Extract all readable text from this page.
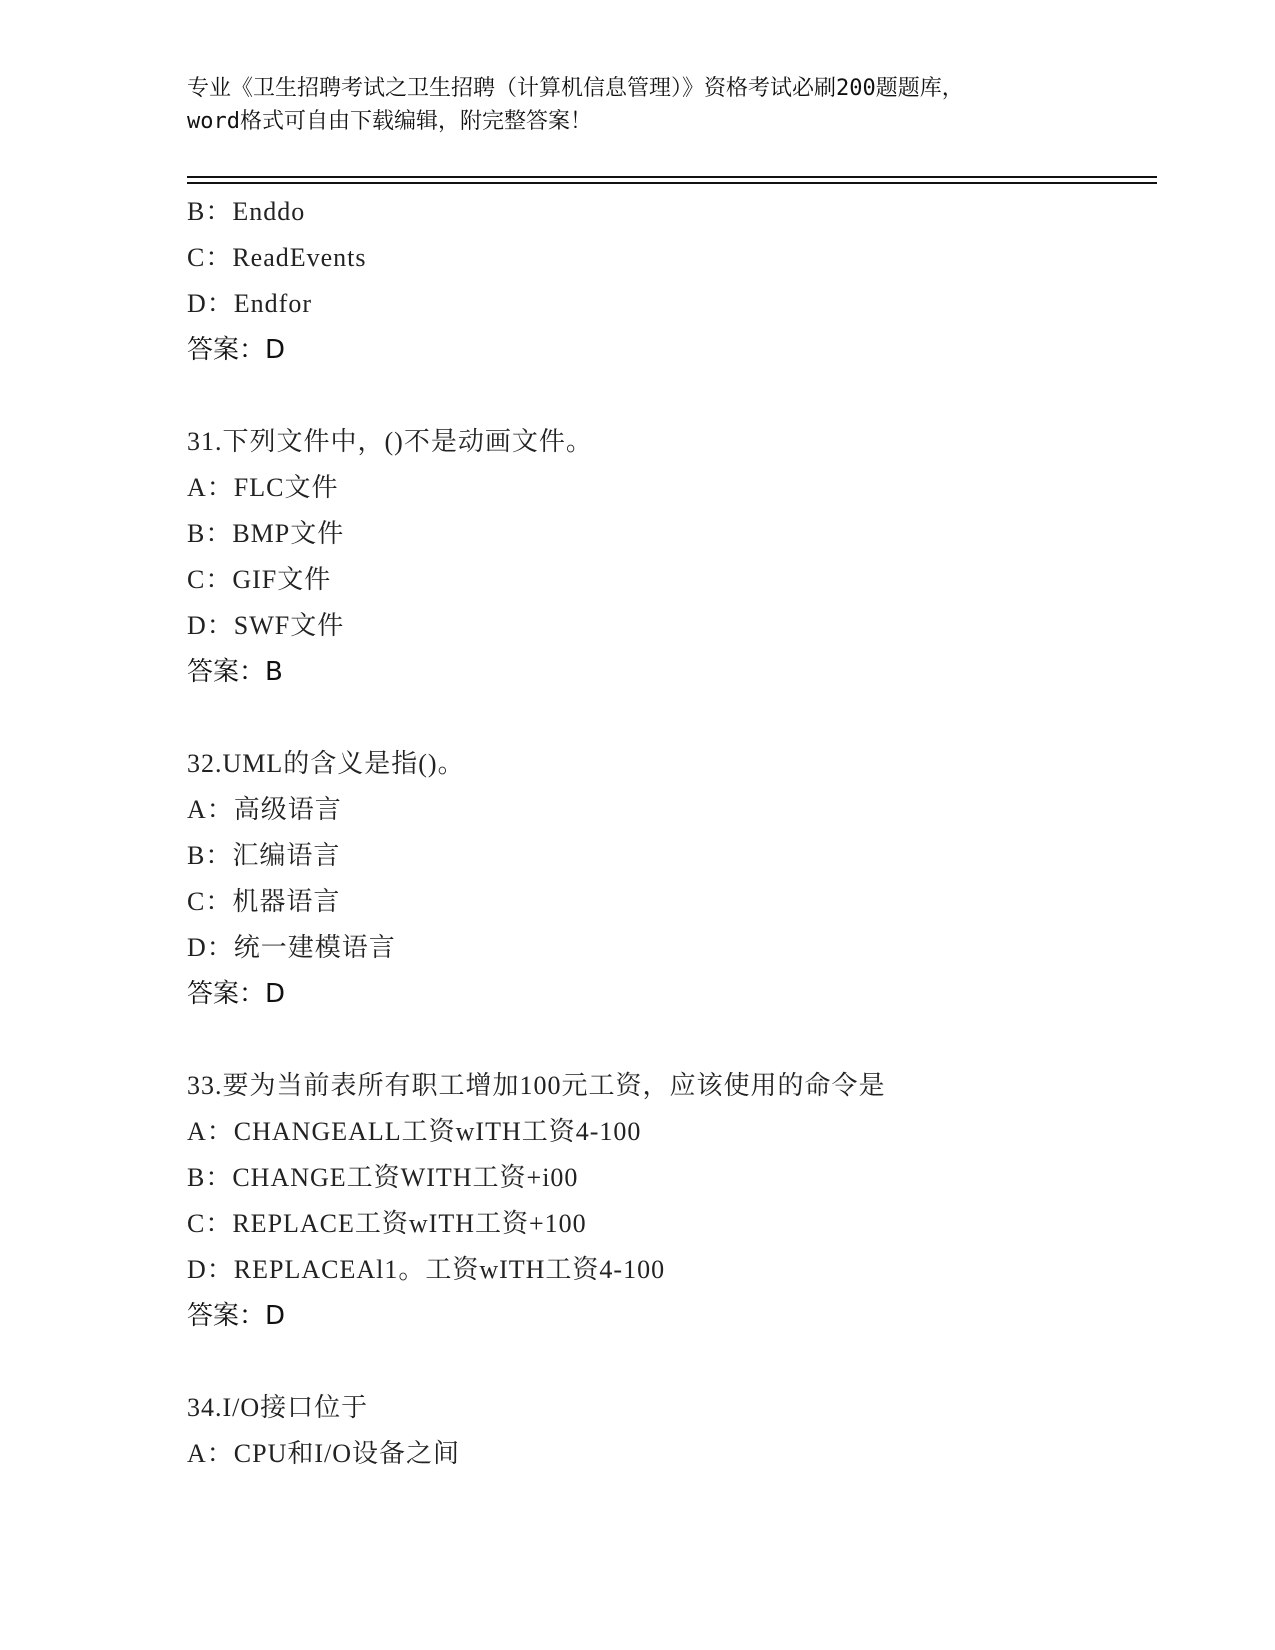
专业《卫生招聘考试之卫生招聘（计算机信息管理）》资格考试必刷200题题库，
word格式可自由下载编辑，附完整答案！
B：Enddo
C：ReadEvents
D：Endfor
答案：D
31.下列文件中，()不是动画文件。
A：FLC文件
B：BMP文件
C：GIF文件
D：SWF文件
答案：B
32.UML的含义是指()。
A：高级语言
B：汇编语言
C：机器语言
D：统一建模语言
答案：D
33.要为当前表所有职工增加100元工资，应该使用的命令是
A：CHANGEALL工资wITH工资4-100
B：CHANGE工资WITH工资+i00
C：REPLACE工资wITH工资+100
D：REPLACEAl1。工资wITH工资4-100
答案：D
34.I/O接口位于
A：CPU和I/O设备之间
